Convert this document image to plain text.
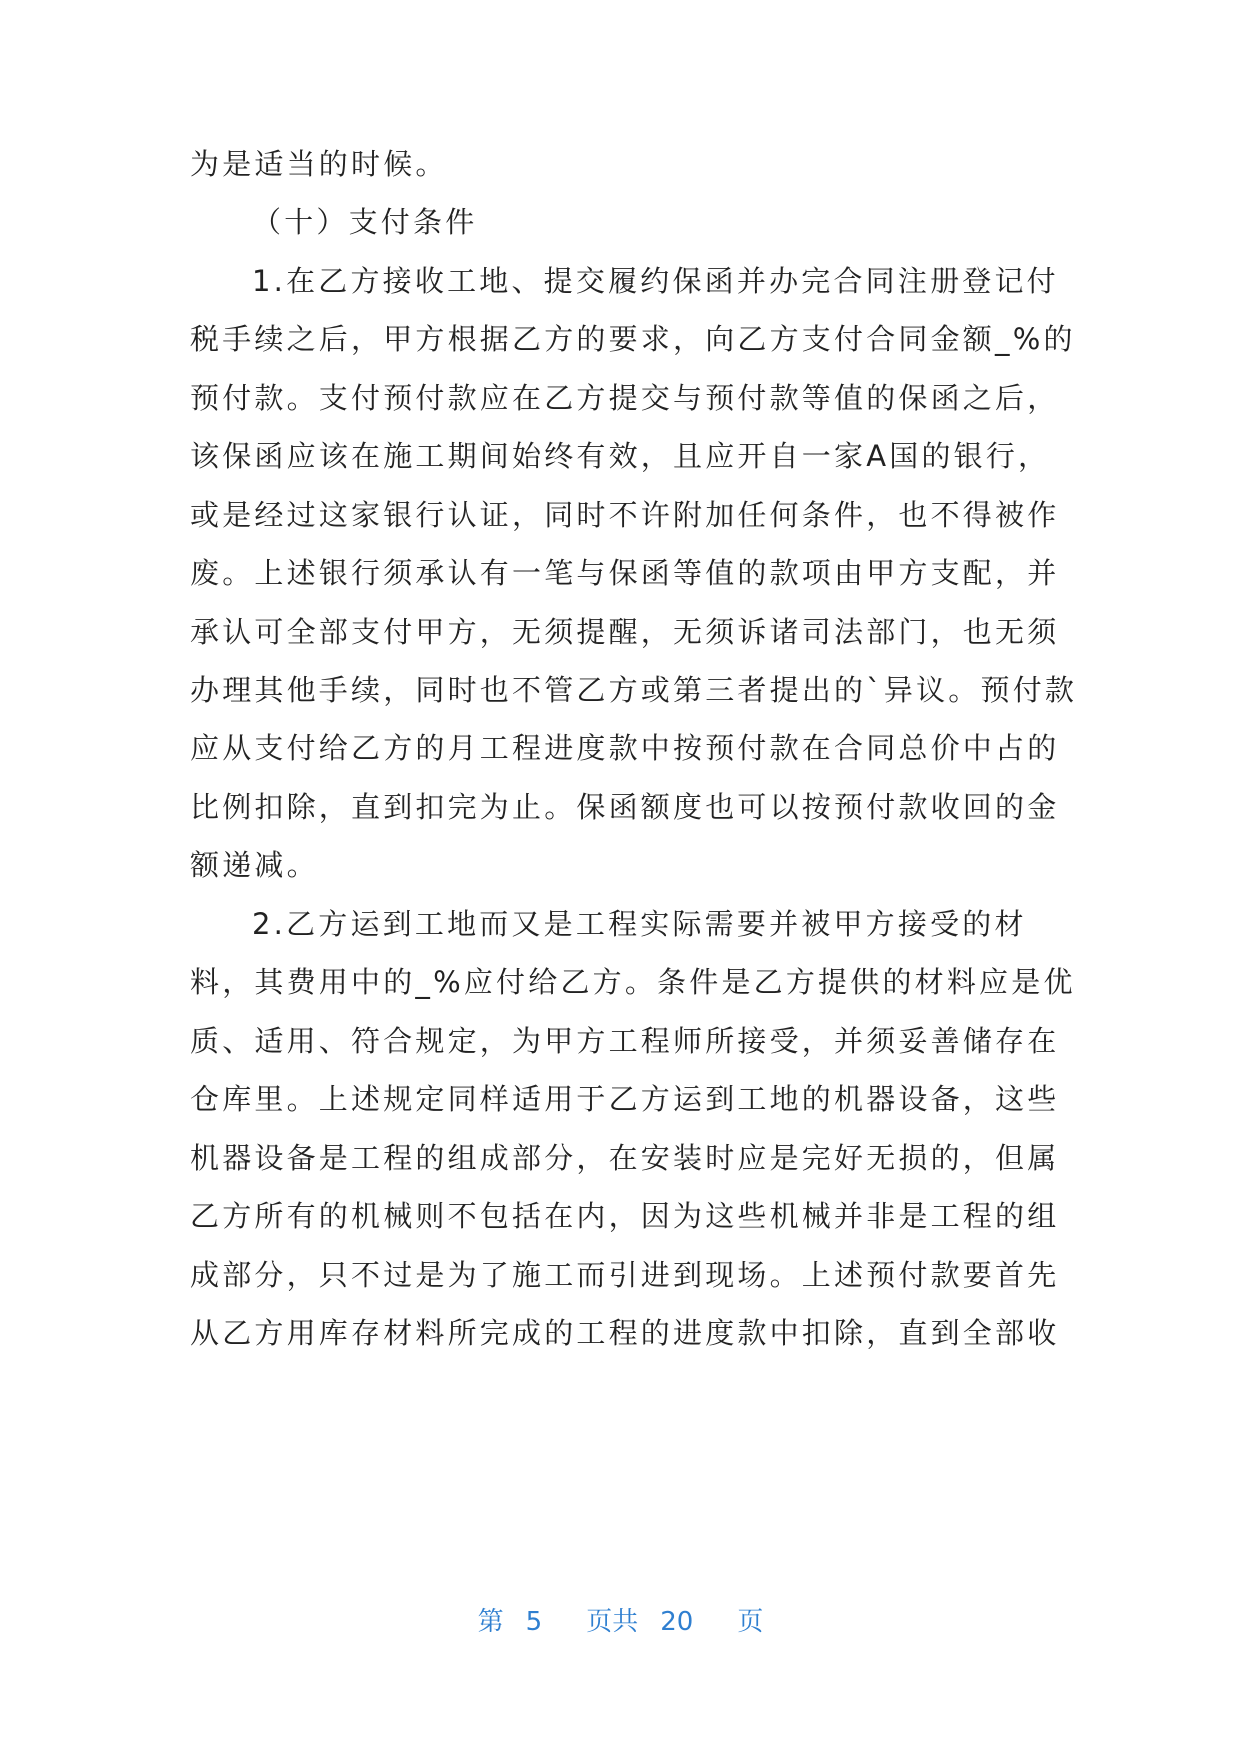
为是适当的时候。
（十）支付条件
1.在乙方接收工地、提交履约保函并办完合同注册登记付
税手续之后，甲方根据乙方的要求，向乙方支付合同金额_%的
预付款。支付预付款应在乙方提交与预付款等值的保函之后，
该保函应该在施工期间始终有效，且应开自一家A国的银行，
或是经过这家银行认证，同时不许附加任何条件，也不得被作
废。上述银行须承认有一笔与保函等值的款项由甲方支配，并
承认可全部支付甲方，无须提醒，无须诉诸司法部门，也无须
办理其他手续，同时也不管乙方或第三者提出的`异议。预付款
应从支付给乙方的月工程进度款中按预付款在合同总价中占的
比例扣除，直到扣完为止。保函额度也可以按预付款收回的金
额递减。
2.乙方运到工地而又是工程实际需要并被甲方接受的材
料，其费用中的_%应付给乙方。条件是乙方提供的材料应是优
质、适用、符合规定，为甲方工程师所接受，并须妥善储存在
仓库里。上述规定同样适用于乙方运到工地的机器设备，这些
机器设备是工程的组成部分，在安装时应是完好无损的，但属
乙方所有的机械则不包括在内，因为这些机械并非是工程的组
成部分，只不过是为了施工而引进到现场。上述预付款要首先
从乙方用库存材料所完成的工程的进度款中扣除，直到全部收
第 5 页共 20 页
